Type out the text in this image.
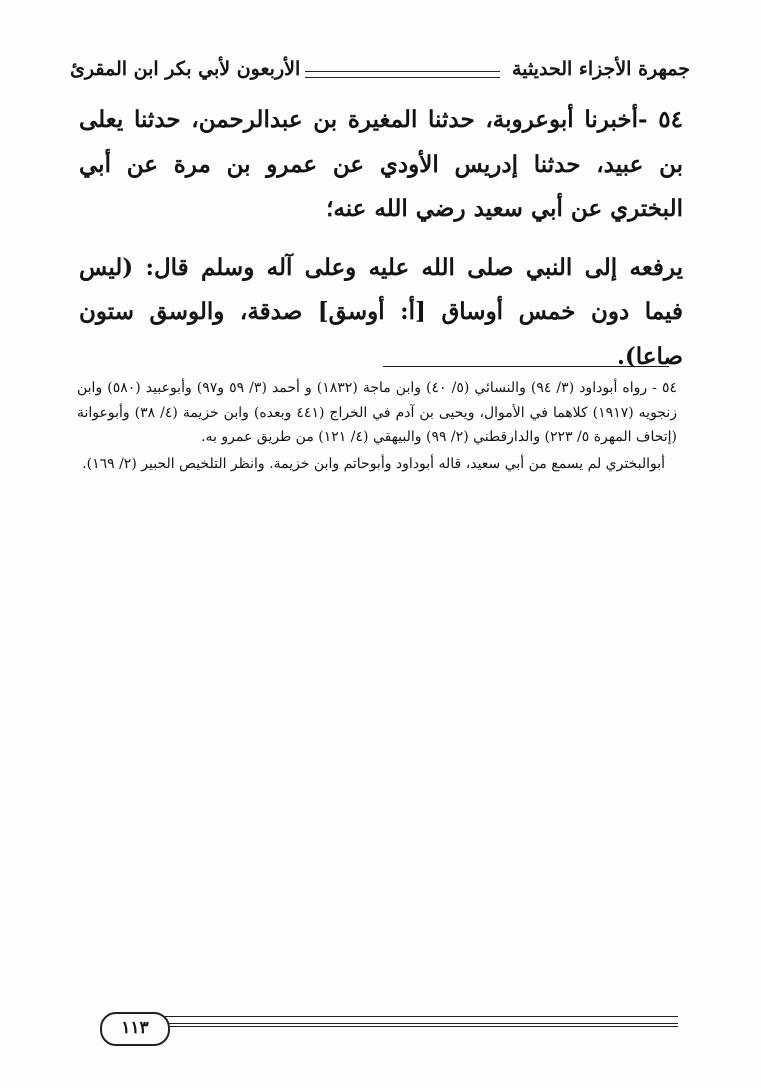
جمهرة الأجزاء الحديثية
الأربعون لأبي بكر ابن المقرئ

٥٤ -أخبرنا أبوعروبة، حدثنا المغيرة بن عبدالرحمن، حدثنا يعلى بن عبيد، حدثنا إدريس الأودي عن عمرو بن مرة عن أبي البختري عن أبي سعيد رضي الله عنه؛

يرفعه إلى النبي صلى الله عليه وعلى آله وسلم قال: (ليس فيما دون خمس أوساق [أ: أوسق] صدقة، والوسق ستون صاعا).

٥٤ - رواه أبوداود (٣/ ٩٤) والنسائي (٥/ ٤٠) وابن ماجة (١٨٣٢) و أحمد (٣/ ٥٩ و٩٧) وأبوعبيد (٥٨٠) وابن زنجويه (١٩١٧) كلاهما في الأموال، ويحيى بن آدم في الخراج (٤٤١ وبعده) وابن خزيمة (٤/ ٣٨) وأبوعوانة (إتحاف المهرة ٥/ ٢٢٣) والدارقطني (٢/ ٩٩) والبيهقي (٤/ ١٢١) من طريق عمرو به.

أبوالبختري لم يسمع من أبي سعيد، قاله أبوداود وأبوحاتم وابن خزيمة. وانظر التلخيص الحبير (٢/ ١٦٩).

١١٣
